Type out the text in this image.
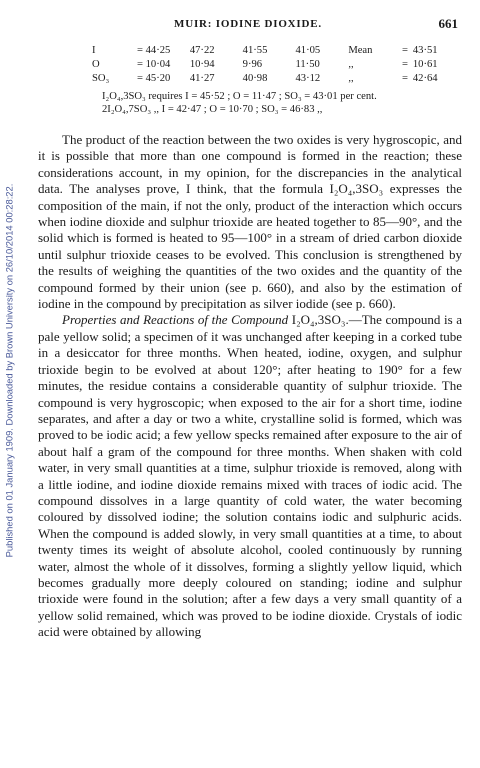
Published on 01 January 1909. Downloaded by Brown University on 26/10/2014 00:28:22.
MUIR: IODINE DIOXIDE.	661
I	= 44·25	47·22	41·55	41·05	Mean	= 43·51
O	= 10·04	10·94	9·96	11·50	,,	= 10·61
SO₃	= 45·20	41·27	40·98	43·12	,,	= 42·64
I₂O₄,3SO₃ requires I = 45·52 ; O = 11·47 ; SO₃ = 43·01 per cent.
2I₂O₄,7SO₃ ,, I = 42·47 ; O = 10·70 ; SO₃ = 46·83 ,,

The product of the reaction between the two oxides is very hygroscopic, and it is possible that more than one compound is formed in the reaction; these considerations account, in my opinion, for the discrepancies in the analytical data. The analyses prove, I think, that the formula I₂O₄,3SO₃ expresses the composition of the main, if not the only, product of the interaction which occurs when iodine dioxide and sulphur trioxide are heated together to 85—90°, and the solid which is formed is heated to 95—100° in a stream of dried carbon dioxide until sulphur trioxide ceases to be evolved. This conclusion is strengthened by the results of weighing the quantities of the two oxides and the quantity of the compound formed by their union (see p. 660), and also by the estimation of iodine in the compound by precipitation as silver iodide (see p. 660).

Properties and Reactions of the Compound I₂O₄,3SO₃.—The compound is a pale yellow solid; a specimen of it was unchanged after keeping in a corked tube in a desiccator for three months. When heated, iodine, oxygen, and sulphur trioxide begin to be evolved at about 120°; after heating to 190° for a few minutes, the residue contains a considerable quantity of sulphur trioxide. The compound is very hygroscopic; when exposed to the air for a short time, iodine separates, and after a day or two a white, crystalline solid is formed, which was proved to be iodic acid; a few yellow specks remained after exposure to the air of about half a gram of the compound for three months. When shaken with cold water, in very small quantities at a time, sulphur trioxide is removed, along with a little iodine, and iodine dioxide remains mixed with traces of iodic acid. The compound dissolves in a large quantity of cold water, the water becoming coloured by dissolved iodine; the solution contains iodic and sulphuric acids. When the compound is added slowly, in very small quantities at a time, to about twenty times its weight of absolute alcohol, cooled continuously by running water, almost the whole of it dissolves, forming a slightly yellow liquid, which becomes gradually more deeply coloured on standing; iodine and sulphur trioxide were found in the solution; after a few days a very small quantity of a yellow solid remained, which was proved to be iodine dioxide. Crystals of iodic acid were obtained by allowing
